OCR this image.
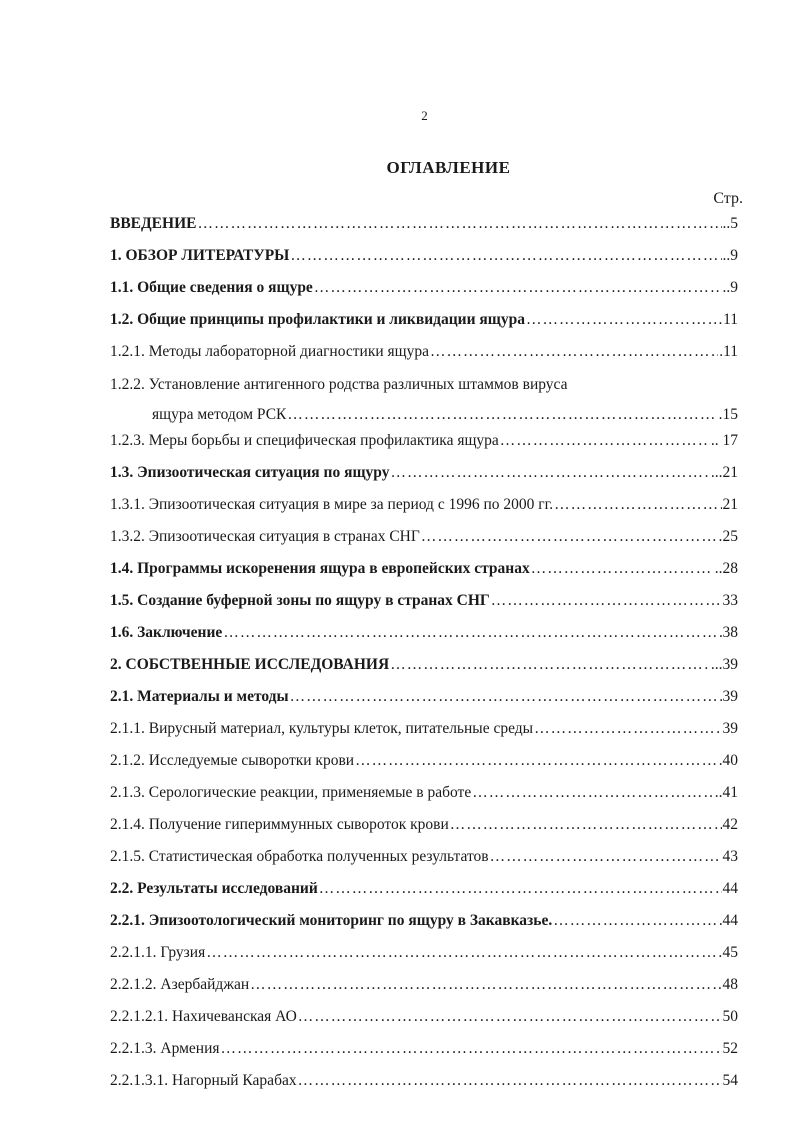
2
ОГЛАВЛЕНИЕ
Стр.
ВВЕДЕНИЕ …………………………………………………………………………………………………………………………………………………………………………	..5
1. ОБЗОР ЛИТЕРАТУРЫ …………………………………………………………………………………………………………………………………………………………………………	..9
1.1. Общие сведения о ящуре …………………………………………………………………………………………………………………………………………………………………………	..9
1.2. Общие принципы профилактики и ликвидации ящура …………………………………………………………………………………………………………………………………………………………………………	11
1.2.1. Методы лабораторной диагностики ящура …………………………………………………………………………………………………………………………………………………………………………	.11
1.2.2. Установление антигенного родства различных штаммов вируса
ящура методом РСК …………………………………………………………………………………………………………………………………………………………………………	.15
1.2.3. Меры борьбы и специфическая профилактика ящура …………………………………………………………………………………………………………………………………………………………………………	.. 17
1.3. Эпизоотическая ситуация по ящуру …………………………………………………………………………………………………………………………………………………………………………	...21
1.3.1. Эпизоотическая ситуация в мире за период с 1996 по 2000 гг. …………………………………………………………………………………………………………………………………………………………………………	21
1.3.2. Эпизоотическая ситуация в странах СНГ …………………………………………………………………………………………………………………………………………………………………………	25
1.4. Программы искоренения ящура в европейских странах …………………………………………………………………………………………………………………………………………………………………………	..28
1.5. Создание буферной зоны по ящуру в странах СНГ …………………………………………………………………………………………………………………………………………………………………………	33
1.6. Заключение …………………………………………………………………………………………………………………………………………………………………………	38
2. СОБСТВЕННЫЕ ИССЛЕДОВАНИЯ …………………………………………………………………………………………………………………………………………………………………………	...39
2.1. Материалы и методы …………………………………………………………………………………………………………………………………………………………………………	39
2.1.1. Вирусный материал, культуры клеток, питательные среды …………………………………………………………………………………………………………………………………………………………………………	39
2.1.2. Исследуемые сыворотки крови …………………………………………………………………………………………………………………………………………………………………………	40
2.1.3. Серологические реакции, применяемые в работе …………………………………………………………………………………………………………………………………………………………………………	..41
2.1.4. Получение гипериммунных сывороток крови …………………………………………………………………………………………………………………………………………………………………………	42
2.1.5. Статистическая обработка полученных результатов …………………………………………………………………………………………………………………………………………………………………………	43
2.2. Результаты исследований …………………………………………………………………………………………………………………………………………………………………………	44
2.2.1. Эпизоотологический мониторинг по ящуру в Закавказье. …………………………………………………………………………………………………………………………………………………………………………	44
2.2.1.1. Грузия …………………………………………………………………………………………………………………………………………………………………………	45
2.2.1.2. Азербайджан …………………………………………………………………………………………………………………………………………………………………………	48
2.2.1.2.1. Нахичеванская АО …………………………………………………………………………………………………………………………………………………………………………	50
2.2.1.3. Армения …………………………………………………………………………………………………………………………………………………………………………	52
2.2.1.3.1. Нагорный Карабах …………………………………………………………………………………………………………………………………………………………………………	54
